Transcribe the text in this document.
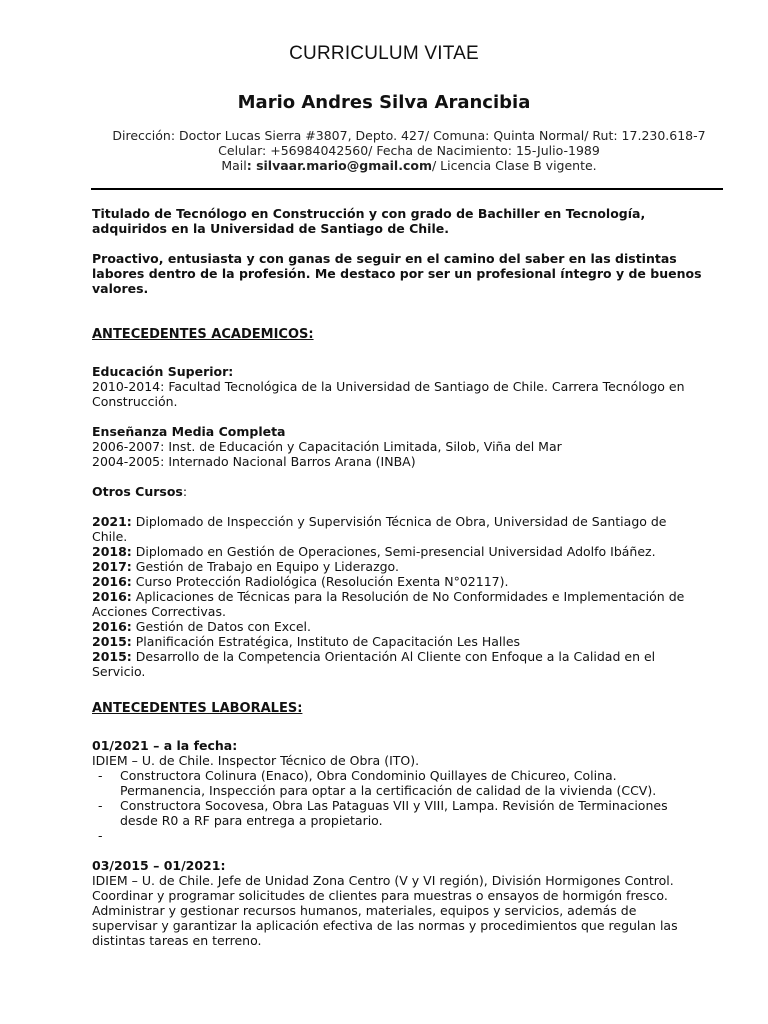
CURRICULUM VITAE
Mario Andres Silva Arancibia
Dirección: Doctor Lucas Sierra #3807, Depto. 427/ Comuna: Quinta Normal/ Rut: 17.230.618-7
Celular: +56984042560/ Fecha de Nacimiento: 15-Julio-1989
Mail: silvaar.mario@gmail.com/ Licencia Clase B vigente.

Titulado de Tecnólogo en Construcción y con grado de Bachiller en Tecnología, adquiridos en la Universidad de Santiago de Chile.

Proactivo, entusiasta y con ganas de seguir en el camino del saber en las distintas labores dentro de la profesión. Me destaco por ser un profesional íntegro y de buenos valores.

ANTECEDENTES ACADEMICOS:

Educación Superior:

2010-2014: Facultad Tecnológica de la Universidad de Santiago de Chile. Carrera Tecnólogo en Construcción.

Enseñanza Media Completa

2006-2007: Inst. de Educación y Capacitación Limitada, Silob, Viña del Mar

2004-2005: Internado Nacional Barros Arana (INBA)

Otros Cursos:

2021: Diplomado de Inspección y Supervisión Técnica de Obra, Universidad de Santiago de Chile.

2018: Diplomado en Gestión de Operaciones, Semi-presencial Universidad Adolfo Ibáñez.

2017: Gestión de Trabajo en Equipo y Liderazgo.

2016: Curso Protección Radiológica (Resolución Exenta N°02117).

2016: Aplicaciones de Técnicas para la Resolución de No Conformidades e Implementación de Acciones Correctivas.

2016: Gestión de Datos con Excel.

2015: Planificación Estratégica, Instituto de Capacitación Les Halles

2015: Desarrollo de la Competencia Orientación Al Cliente con Enfoque a la Calidad en el Servicio.

ANTECEDENTES LABORALES:

01/2021 – a la fecha:

IDIEM – U. de Chile. Inspector Técnico de Obra (ITO).

- Constructora Colinura (Enaco), Obra Condominio Quillayes de Chicureo, Colina. Permanencia, Inspección para optar a la certificación de calidad de la vivienda (CCV).

- Constructora Socovesa, Obra Las Pataguas VII y VIII, Lampa. Revisión de Terminaciones desde R0 a RF para entrega a propietario.

-

03/2015 – 01/2021:

IDIEM – U. de Chile. Jefe de Unidad Zona Centro (V y VI región), División Hormigones Control.

Coordinar y programar solicitudes de clientes para muestras o ensayos de hormigón fresco.

Administrar y gestionar recursos humanos, materiales, equipos y servicios, además de supervisar y garantizar la aplicación efectiva de las normas y procedimientos que regulan las distintas tareas en terreno.
